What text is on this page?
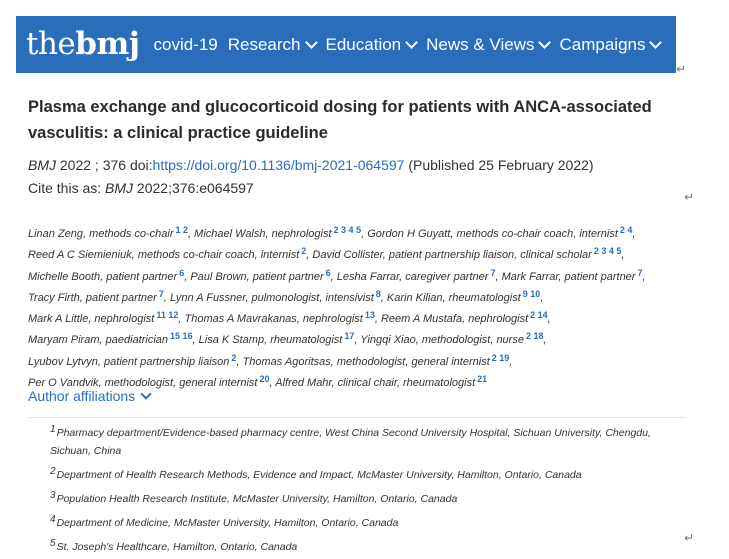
thebmj covid-19 Research Education News & Views Campaigns
↵
Plasma exchange and glucocorticoid dosing for patients with ANCA-associated vasculitis: a clinical practice guideline
BMJ 2022 ; 376 doi:https://doi.org/10.1136/bmj-2021-064597 (Published 25 February 2022)
Cite this as: BMJ 2022;376:e064597
↵
Linan Zeng, methods co-chair $^{1 2}$, Michael Walsh, nephrologist $^{2 3 4 5}$, Gordon H Guyatt, methods co-chair coach, internist $^{2 4}$,
Reed A C Siemieniuk, methods co-chair coach, internist $^2$, David Collister, patient partnership liaison, clinical scholar $^{2 3 4 5}$,
Michelle Booth, patient partner $^6$, Paul Brown, patient partner $^6$, Lesha Farrar, caregiver partner $^7$, Mark Farrar, patient partner $^7$,
Tracy Firth, patient partner $^7$, Lynn A Fussner, pulmonologist, intensivist $^8$, Karin Kilian, rheumatologist $^{9 10}$,
Mark A Little, nephrologist $^{11 12}$, Thomas A Mavrakanas, nephrologist $^{13}$, Reem A Mustafa, nephrologist $^{2 14}$,
Maryam Piram, paediatrician $^{15 16}$, Lisa K Stamp, rheumatologist $^{17}$, Yingqi Xiao, methodologist, nurse $^{2 18}$,
Lyubov Lytvyn, patient partnership liaison $^2$, Thomas Agoritsas, methodologist, general internist $^{2 19}$,
Per O Vandvik, methodologist, general internist $^{20}$, Alfred Mahr, clinical chair, rheumatologist $^{21}$
Author affiliations
1Pharmacy department/Evidence-based pharmacy centre, West China Second University Hospital, Sichuan University, Chengdu, Sichuan, China
2Department of Health Research Methods, Evidence and Impact, McMaster University, Hamilton, Ontario, Canada
3Population Health Research Institute, McMaster University, Hamilton, Ontario, Canada
4Department of Medicine, McMaster University, Hamilton, Ontario, Canada
5St. Joseph's Healthcare, Hamilton, Ontario, Canada
↵
